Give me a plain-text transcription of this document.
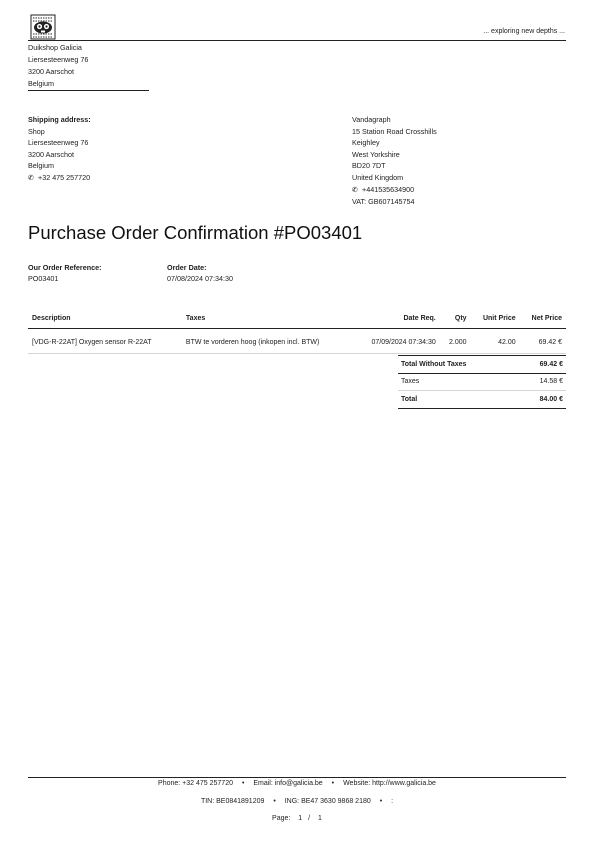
... exploring new depths ...
Duikshop Galicia
Liersesteenweg 76
3200 Aarschot
Belgium
Shipping address:
Shop
Liersesteenweg 76
3200 Aarschot
Belgium
✆ +32 475 257720
Vandagraph
15 Station Road Crosshills
Keighley
West Yorkshire
BD20 7DT
United Kingdom
✆ +441535634900
VAT: GB607145754
Purchase Order Confirmation #PO03401
Our Order Reference:
PO03401
Order Date:
07/08/2024 07:34:30
Description	Taxes	Date Req.	Qty	Unit Price	Net Price
[VDG-R-22AT] Oxygen sensor R-22AT	BTW te vorderen hoog (inkopen incl. BTW)	07/09/2024 07:34:30	2.000	42.00	69.42 €
Total Without Taxes	69.42 €
Taxes	14.58 €
Total	84.00 €
Phone: +32 475 257720 • Email: info@galicia.be • Website: http://www.galicia.be
TIN: BE0841891209 • ING: BE47 3630 9868 2180 • :
Page: 1 / 1
